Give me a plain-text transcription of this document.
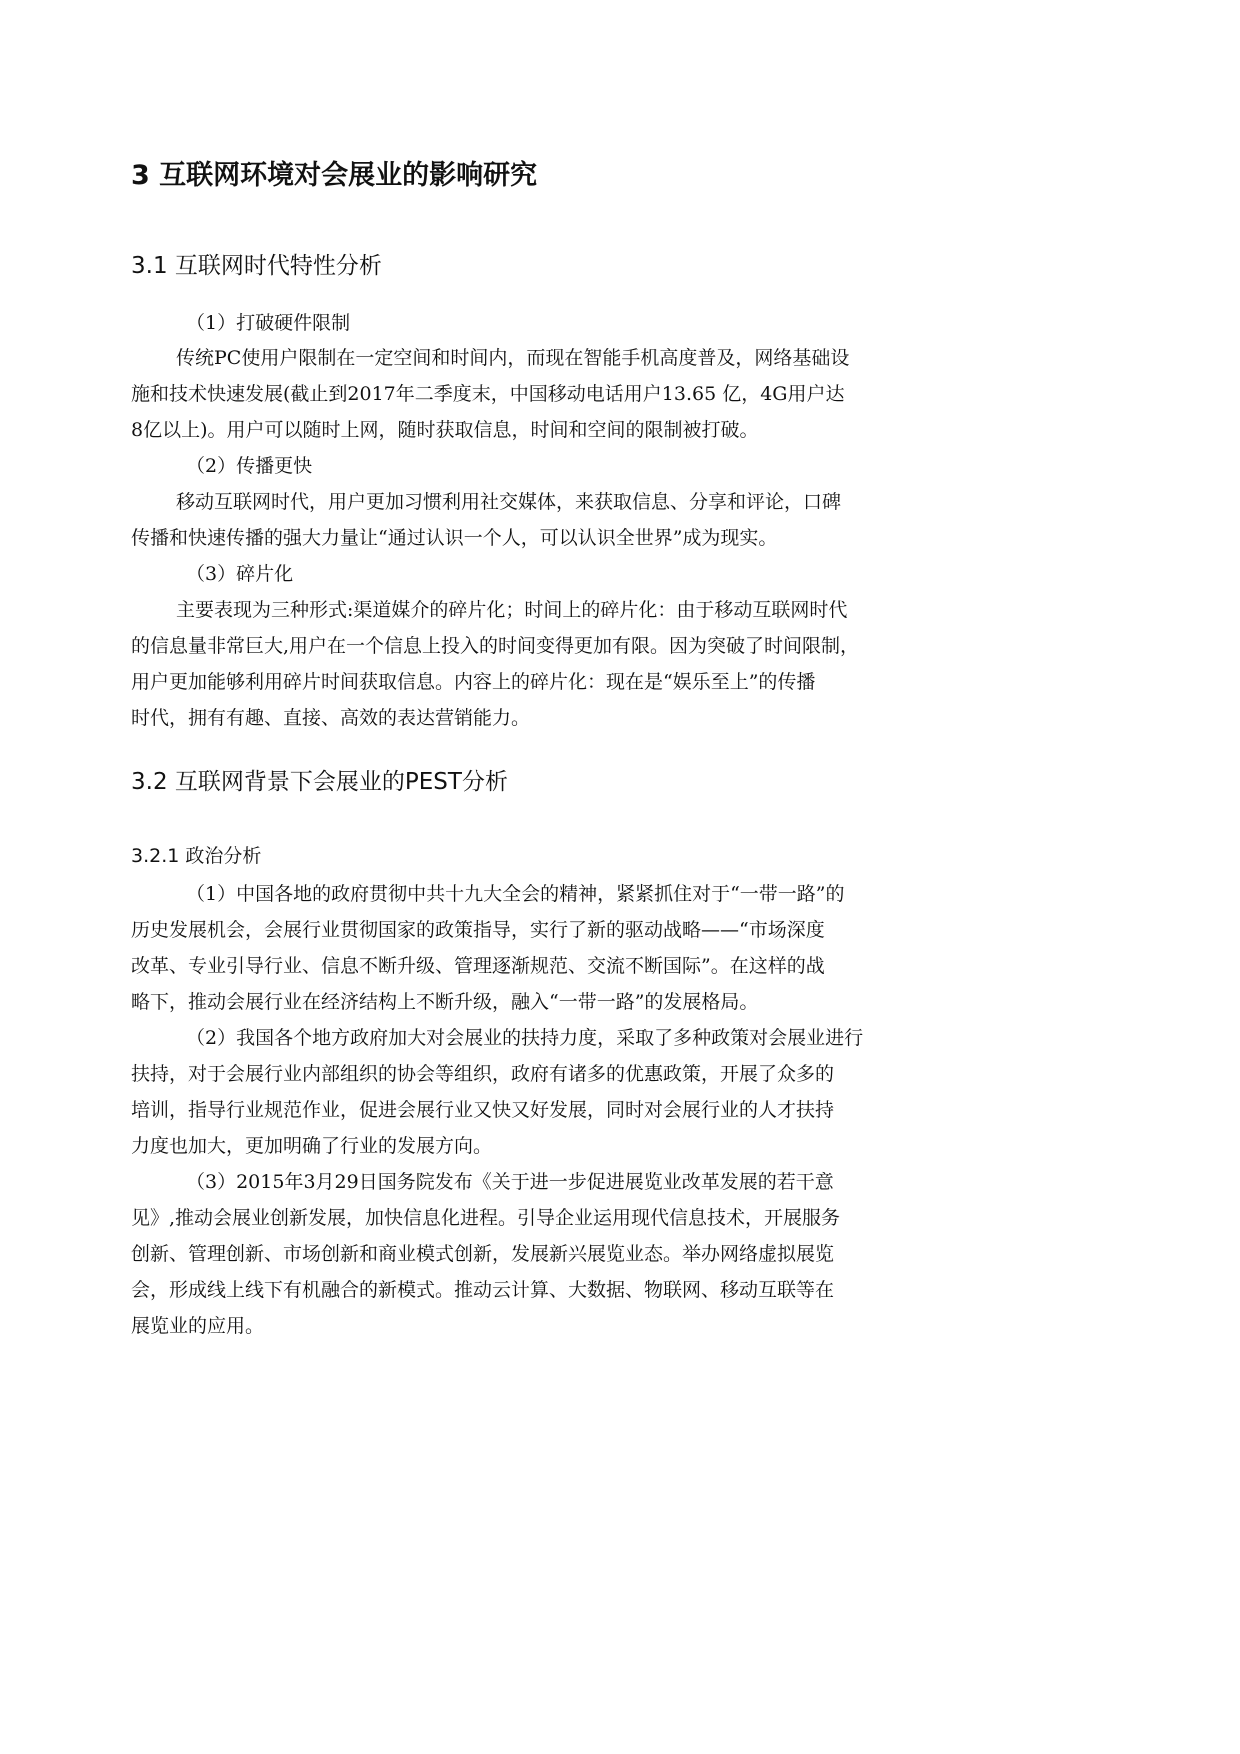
3 互联网环境对会展业的影响研究
3.1 互联网时代特性分析
（1）打破硬件限制
传统PC使用户限制在一定空间和时间内，而现在智能手机高度普及，网络基础设
施和技术快速发展(截止到2017年二季度末，中国移动电话用户13.65 亿，4G用户达
8亿以上)。用户可以随时上网，随时获取信息，时间和空间的限制被打破。
（2）传播更快
移动互联网时代，用户更加习惯利用社交媒体，来获取信息、分享和评论，口碑
传播和快速传播的强大力量让“通过认识一个人，可以认识全世界”成为现实。
（3）碎片化
主要表现为三种形式:渠道媒介的碎片化；时间上的碎片化：由于移动互联网时代
的信息量非常巨大,用户在一个信息上投入的时间变得更加有限。因为突破了时间限制，
用户更加能够利用碎片时间获取信息。内容上的碎片化：现在是“娱乐至上”的传播
时代，拥有有趣、直接、高效的表达营销能力。
3.2 互联网背景下会展业的PEST分析
3.2.1 政治分析
（1）中国各地的政府贯彻中共十九大全会的精神，紧紧抓住对于“一带一路”的
历史发展机会，会展行业贯彻国家的政策指导，实行了新的驱动战略——“市场深度
改革、专业引导行业、信息不断升级、管理逐渐规范、交流不断国际”。在这样的战
略下，推动会展行业在经济结构上不断升级，融入“一带一路”的发展格局。
（2）我国各个地方政府加大对会展业的扶持力度，采取了多种政策对会展业进行
扶持，对于会展行业内部组织的协会等组织，政府有诸多的优惠政策，开展了众多的
培训，指导行业规范作业，促进会展行业又快又好发展，同时对会展行业的人才扶持
力度也加大，更加明确了行业的发展方向。
（3）2015年3月29日国务院发布《关于进一步促进展览业改革发展的若干意
见》,推动会展业创新发展，加快信息化进程。引导企业运用现代信息技术，开展服务
创新、管理创新、市场创新和商业模式创新，发展新兴展览业态。举办网络虚拟展览
会，形成线上线下有机融合的新模式。推动云计算、大数据、物联网、移动互联等在
展览业的应用。
